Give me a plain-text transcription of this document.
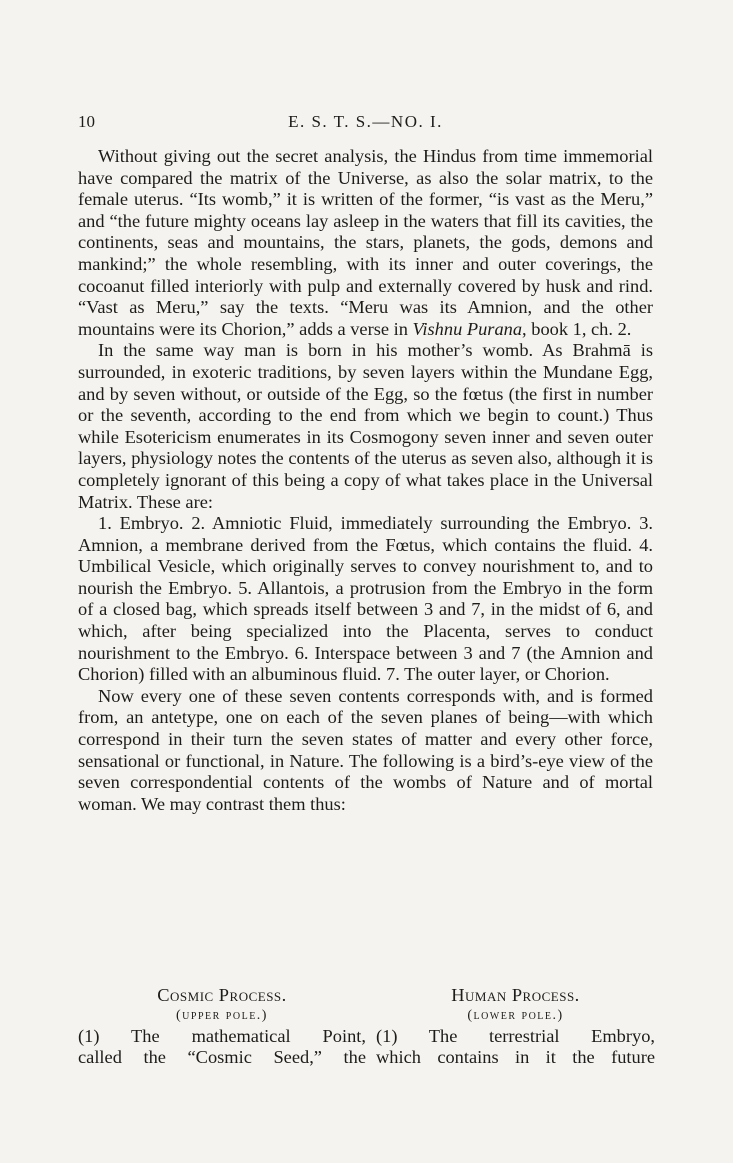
10	E. S. T. S.—NO. I.

Without giving out the secret analysis, the Hindus from time immemorial have compared the matrix of the Universe, as also the solar matrix, to the female uterus. “Its womb,” it is written of the former, “is vast as the Meru,” and “the future mighty oceans lay asleep in the waters that fill its cavities, the continents, seas and mountains, the stars, planets, the gods, demons and mankind;” the whole resembling, with its inner and outer coverings, the cocoanut filled interiorly with pulp and externally covered by husk and rind. “Vast as Meru,” say the texts. “Meru was its Amnion, and the other mountains were its Chorion,” adds a verse in Vishnu Purana, book 1, ch. 2.

In the same way man is born in his mother’s womb. As Brahmā is surrounded, in exoteric traditions, by seven layers within the Mundane Egg, and by seven without, or outside of the Egg, so the fœtus (the first in number or the seventh, according to the end from which we begin to count.) Thus while Esotericism enumerates in its Cosmogony seven inner and seven outer layers, physiology notes the contents of the uterus as seven also, although it is completely ignorant of this being a copy of what takes place in the Universal Matrix. These are:

1. Embryo. 2. Amniotic Fluid, immediately surrounding the Embryo. 3. Amnion, a membrane derived from the Fœtus, which contains the fluid. 4. Umbilical Vesicle, which originally serves to convey nourishment to, and to nourish the Embryo. 5. Allantois, a protrusion from the Embryo in the form of a closed bag, which spreads itself between 3 and 7, in the midst of 6, and which, after being specialized into the Placenta, serves to conduct nourishment to the Embryo. 6. Interspace between 3 and 7 (the Amnion and Chorion) filled with an albuminous fluid. 7. The outer layer, or Chorion.

Now every one of these seven contents corresponds with, and is formed from, an antetype, one on each of the seven planes of being—with which correspond in their turn the seven states of matter and every other force, sensational or functional, in Nature. The following is a bird’s-eye view of the seven correspondential contents of the wombs of Nature and of mortal woman. We may contrast them thus:

Cosmic Process.
(upper pole.)
(1) The mathematical Point,
called the “Cosmic Seed,” the
Human Process.
(lower pole.)
(1) The terrestrial Embryo,
which contains in it the future
